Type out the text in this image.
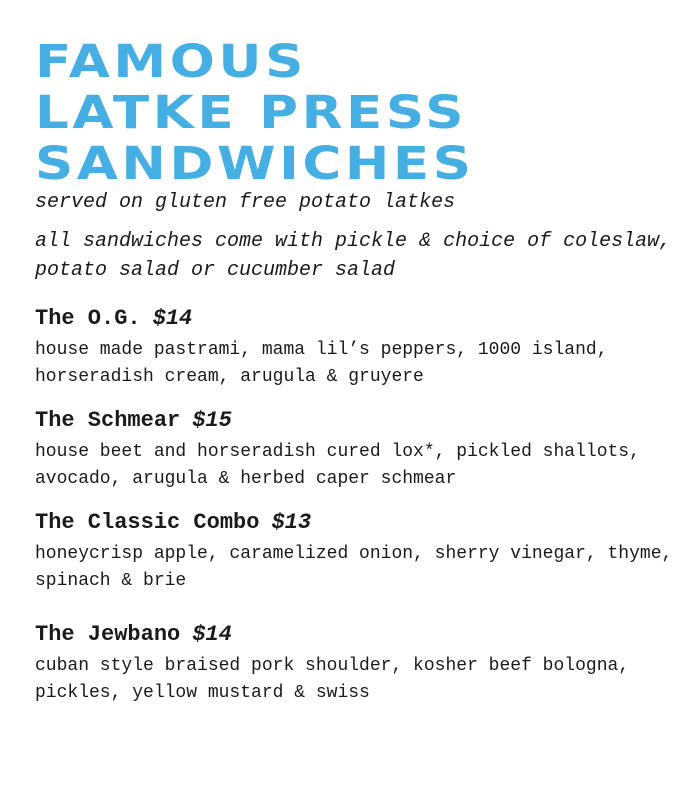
FAMOUS
LATKE PRESS
SANDWICHES
served on gluten free potato latkes
all sandwiches come with pickle & choice of coleslaw, potato salad or cucumber salad
The O.G. $14
house made pastrami, mama lil’s peppers, 1000 island, horseradish cream, arugula & gruyere
The Schmear $15
house beet and horseradish cured lox*, pickled shallots, avocado, arugula & herbed caper schmear
The Classic Combo $13
honeycrisp apple, caramelized onion, sherry vinegar, thyme, spinach & brie
The Jewbano $14
cuban style braised pork shoulder, kosher beef bologna, pickles, yellow mustard & swiss
